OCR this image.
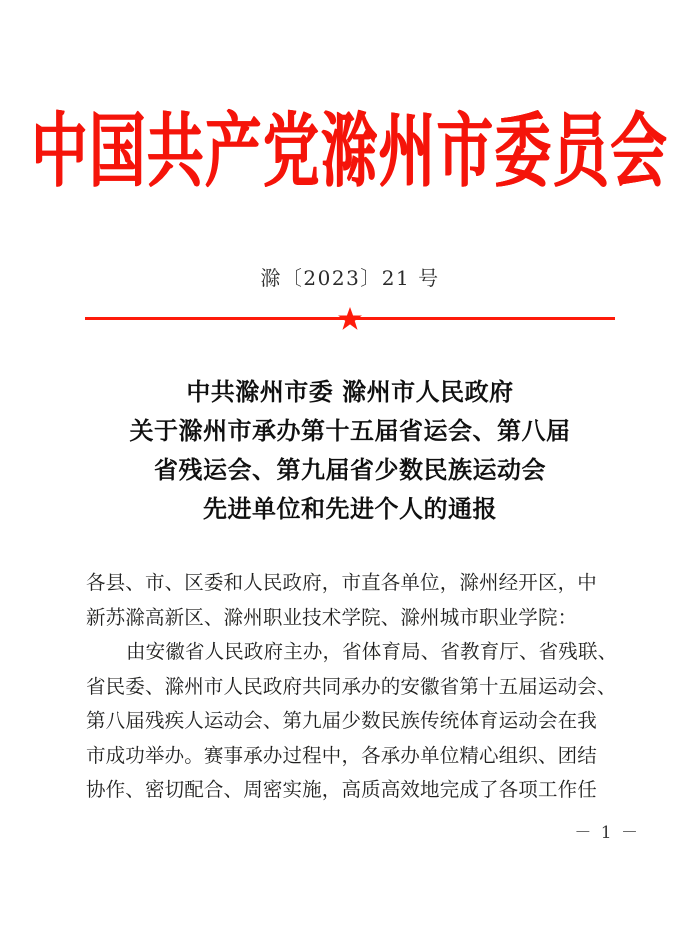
中国共产党滁州市委员会
滁〔2023〕21 号
中共滁州市委 滁州市人民政府
关于滁州市承办第十五届省运会、第八届
省残运会、第九届省少数民族运动会
先进单位和先进个人的通报
各县、市、区委和人民政府，市直各单位，滁州经开区，中
新苏滁高新区、滁州职业技术学院、滁州城市职业学院：
由安徽省人民政府主办，省体育局、省教育厅、省残联、
省民委、滁州市人民政府共同承办的安徽省第十五届运动会、
第八届残疾人运动会、第九届少数民族传统体育运动会在我
市成功举办。赛事承办过程中，各承办单位精心组织、团结
协作、密切配合、周密实施，高质高效地完成了各项工作任
－ 1 －
